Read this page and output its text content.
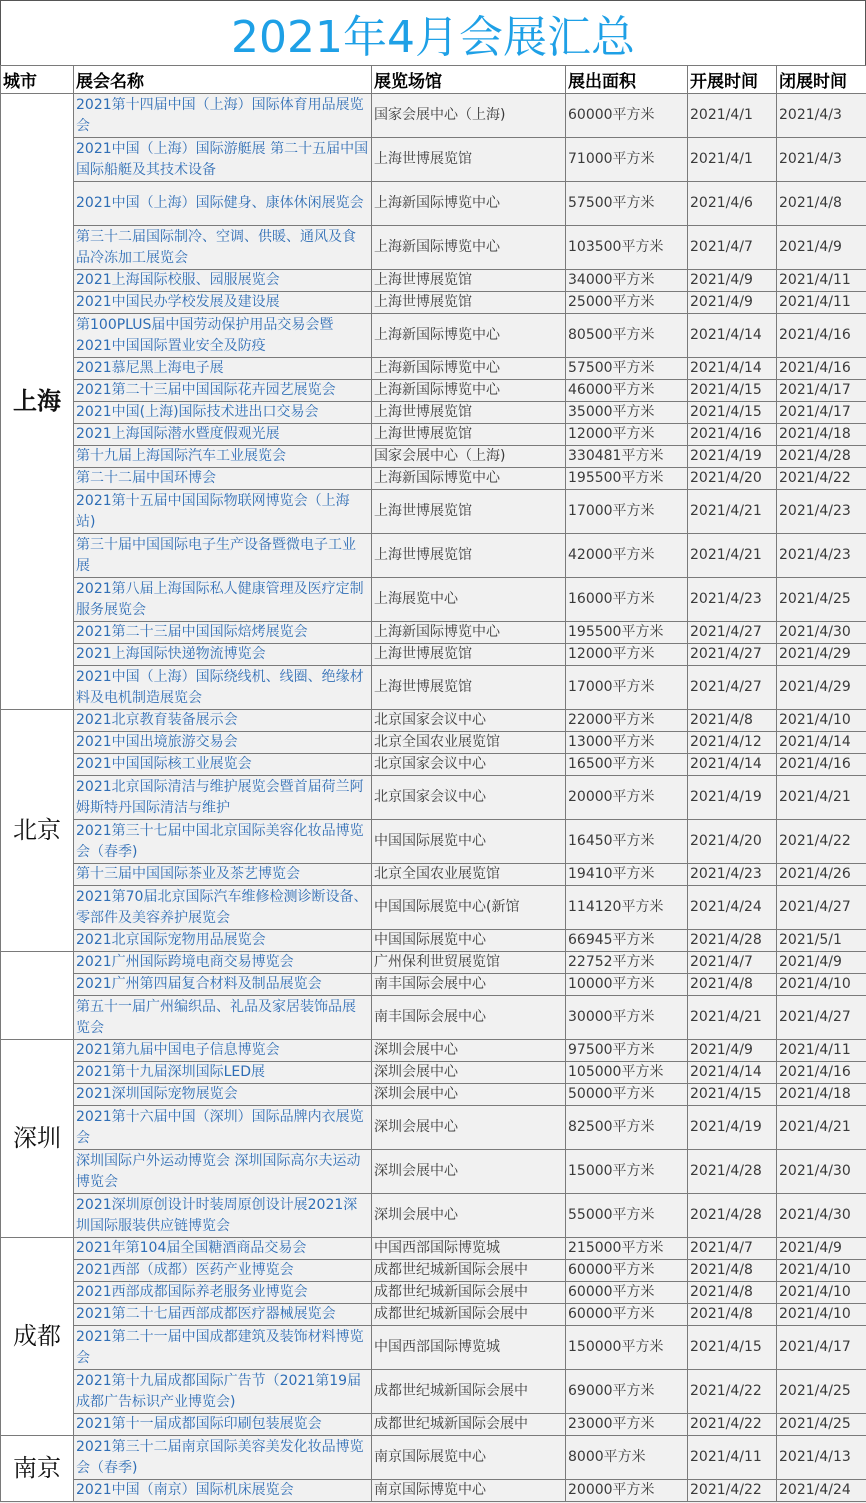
2021年4月会展汇总
城市	展会名称	展览场馆	展出面积	开展时间	闭展时间
上海	2021第十四届中国（上海）国际体育用品展览会	国家会展中心（上海)	60000平方米	2021/4/1	2021/4/3
	2021中国（上海）国际游艇展 第二十五届中国国际船艇及其技术设备	上海世博展览馆	71000平方米	2021/4/1	2021/4/3
	2021中国（上海）国际健身、康体休闲展览会	上海新国际博览中心	57500平方米	2021/4/6	2021/4/8
	第三十二届国际制冷、空调、供暖、通风及食品冷冻加工展览会	上海新国际博览中心	103500平方米	2021/4/7	2021/4/9
	2021上海国际校服、园服展览会	上海世博展览馆	34000平方米	2021/4/9	2021/4/11
	2021中国民办学校发展及建设展	上海世博展览馆	25000平方米	2021/4/9	2021/4/11
	第100PLUS届中国劳动保护用品交易会暨2021中国国际置业安全及防疫	上海新国际博览中心	80500平方米	2021/4/14	2021/4/16
	2021慕尼黑上海电子展	上海新国际博览中心	57500平方米	2021/4/14	2021/4/16
	2021第二十三届中国国际花卉园艺展览会	上海新国际博览中心	46000平方米	2021/4/15	2021/4/17
	2021中国(上海)国际技术进出口交易会	上海世博展览馆	35000平方米	2021/4/15	2021/4/17
	2021上海国际潜水暨度假观光展	上海世博展览馆	12000平方米	2021/4/16	2021/4/18
	第十九届上海国际汽车工业展览会	国家会展中心（上海)	330481平方米	2021/4/19	2021/4/28
	第二十二届中国环博会	上海新国际博览中心	195500平方米	2021/4/20	2021/4/22
	2021第十五届中国国际物联网博览会（上海站)	上海世博展览馆	17000平方米	2021/4/21	2021/4/23
	第三十届中国国际电子生产设备暨微电子工业展	上海世博展览馆	42000平方米	2021/4/21	2021/4/23
	2021第八届上海国际私人健康管理及医疗定制服务展览会	上海展览中心	16000平方米	2021/4/23	2021/4/25
	2021第二十三届中国国际焙烤展览会	上海新国际博览中心	195500平方米	2021/4/27	2021/4/30
	2021上海国际快递物流博览会	上海世博展览馆	12000平方米	2021/4/27	2021/4/29
	2021中国（上海）国际绕线机、线圈、绝缘材料及电机制造展览会	上海世博展览馆	17000平方米	2021/4/27	2021/4/29
北京	2021北京教育装备展示会	北京国家会议中心	22000平方米	2021/4/8	2021/4/10
	2021中国出境旅游交易会	北京全国农业展览馆	13000平方米	2021/4/12	2021/4/14
	2021中国国际核工业展览会	北京国家会议中心	16500平方米	2021/4/14	2021/4/16
	2021北京国际清洁与维护展览会暨首届荷兰阿姆斯特丹国际清洁与维护	北京国家会议中心	20000平方米	2021/4/19	2021/4/21
	2021第三十七届中国北京国际美容化妆品博览会（春季)	中国国际展览中心	16450平方米	2021/4/20	2021/4/22
	第十三届中国国际茶业及茶艺博览会	北京全国农业展览馆	19410平方米	2021/4/23	2021/4/26
	2021第70届北京国际汽车维修检测诊断设备、零部件及美容养护展览会	中国国际展览中心(新馆	114120平方米	2021/4/24	2021/4/27
	2021北京国际宠物用品展览会	中国国际展览中心	66945平方米	2021/4/28	2021/5/1
	2021广州国际跨境电商交易博览会	广州保利世贸展览馆	22752平方米	2021/4/7	2021/4/9
	2021广州第四届复合材料及制品展览会	南丰国际会展中心	10000平方米	2021/4/8	2021/4/10
	第五十一届广州编织品、礼品及家居装饰品展览会	南丰国际会展中心	30000平方米	2021/4/21	2021/4/27
深圳	2021第九届中国电子信息博览会	深圳会展中心	97500平方米	2021/4/9	2021/4/11
	2021第十九届深圳国际LED展	深圳会展中心	105000平方米	2021/4/14	2021/4/16
	2021深圳国际宠物展览会	深圳会展中心	50000平方米	2021/4/15	2021/4/18
	2021第十六届中国（深圳）国际品牌内衣展览会	深圳会展中心	82500平方米	2021/4/19	2021/4/21
	深圳国际户外运动博览会 深圳国际高尔夫运动博览会	深圳会展中心	15000平方米	2021/4/28	2021/4/30
	2021深圳原创设计时装周原创设计展2021深圳国际服装供应链博览会	深圳会展中心	55000平方米	2021/4/28	2021/4/30
成都	2021年第104届全国糖酒商品交易会	中国西部国际博览城	215000平方米	2021/4/7	2021/4/9
	2021西部（成都）医药产业博览会	成都世纪城新国际会展中	60000平方米	2021/4/8	2021/4/10
	2021西部成都国际养老服务业博览会	成都世纪城新国际会展中	60000平方米	2021/4/8	2021/4/10
	2021第二十七届西部成都医疗器械展览会	成都世纪城新国际会展中	60000平方米	2021/4/8	2021/4/10
	2021第二十一届中国成都建筑及装饰材料博览会	中国西部国际博览城	150000平方米	2021/4/15	2021/4/17
	2021第十九届成都国际广告节（2021第19届成都广告标识产业博览会)	成都世纪城新国际会展中	69000平方米	2021/4/22	2021/4/25
	2021第十一届成都国际印刷包装展览会	成都世纪城新国际会展中	23000平方米	2021/4/22	2021/4/25
南京	2021第三十二届南京国际美容美发化妆品博览会（春季)	南京国际展览中心	8000平方米	2021/4/11	2021/4/13
	2021中国（南京）国际机床展览会	南京国际博览中心	20000平方米	2021/4/22	2021/4/24
